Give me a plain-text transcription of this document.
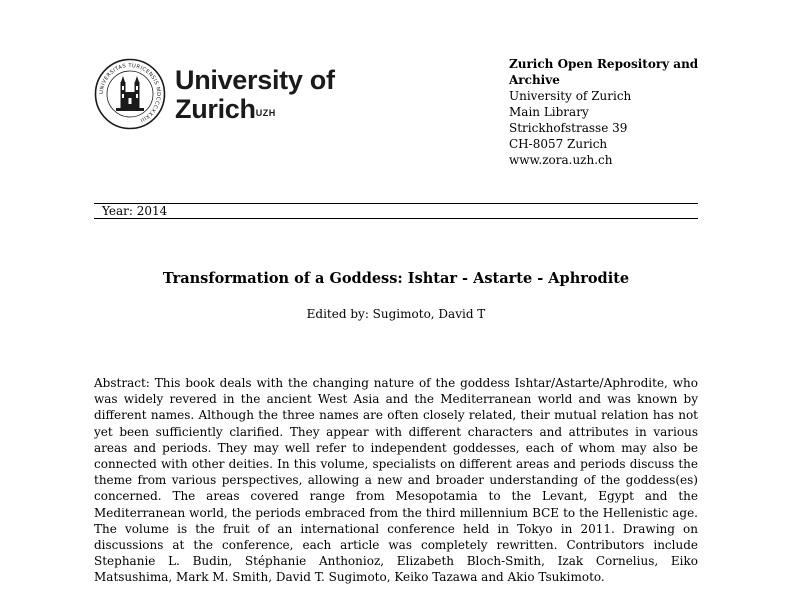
UNIVERSITAS TURICENSIS MDCCCXXXIII
University of
Zurich$^{UZH}$
Zurich Open Repository and Archive
University of Zurich
Main Library
Strickhofstrasse 39
CH-8057 Zurich
www.zora.uzh.ch
Year: 2014
Transformation of a Goddess: Ishtar - Astarte - Aphrodite
Edited by: Sugimoto, David T

Abstract: This book deals with the changing nature of the goddess Ishtar/Astarte/Aphrodite, who was widely revered in the ancient West Asia and the Mediterranean world and was known by different names. Although the three names are often closely related, their mutual relation has not yet been sufficiently clarified. They appear with different characters and attributes in various areas and periods. They may well refer to independent goddesses, each of whom may also be connected with other deities. In this volume, specialists on different areas and periods discuss the theme from various perspectives, allowing a new and broader understanding of the goddess(es) concerned. The areas covered range from Mesopotamia to the Levant, Egypt and the Mediterranean world, the periods embraced from the third millennium BCE to the Hellenistic age. The volume is the fruit of an international conference held in Tokyo in 2011. Drawing on discussions at the conference, each article was completely rewritten. Contributors include Stephanie L. Budin, Stéphanie Anthonioz, Elizabeth Bloch-Smith, Izak Cornelius, Eiko Matsushima, Mark M. Smith, David T. Sugimoto, Keiko Tazawa and Akio Tsukimoto.
